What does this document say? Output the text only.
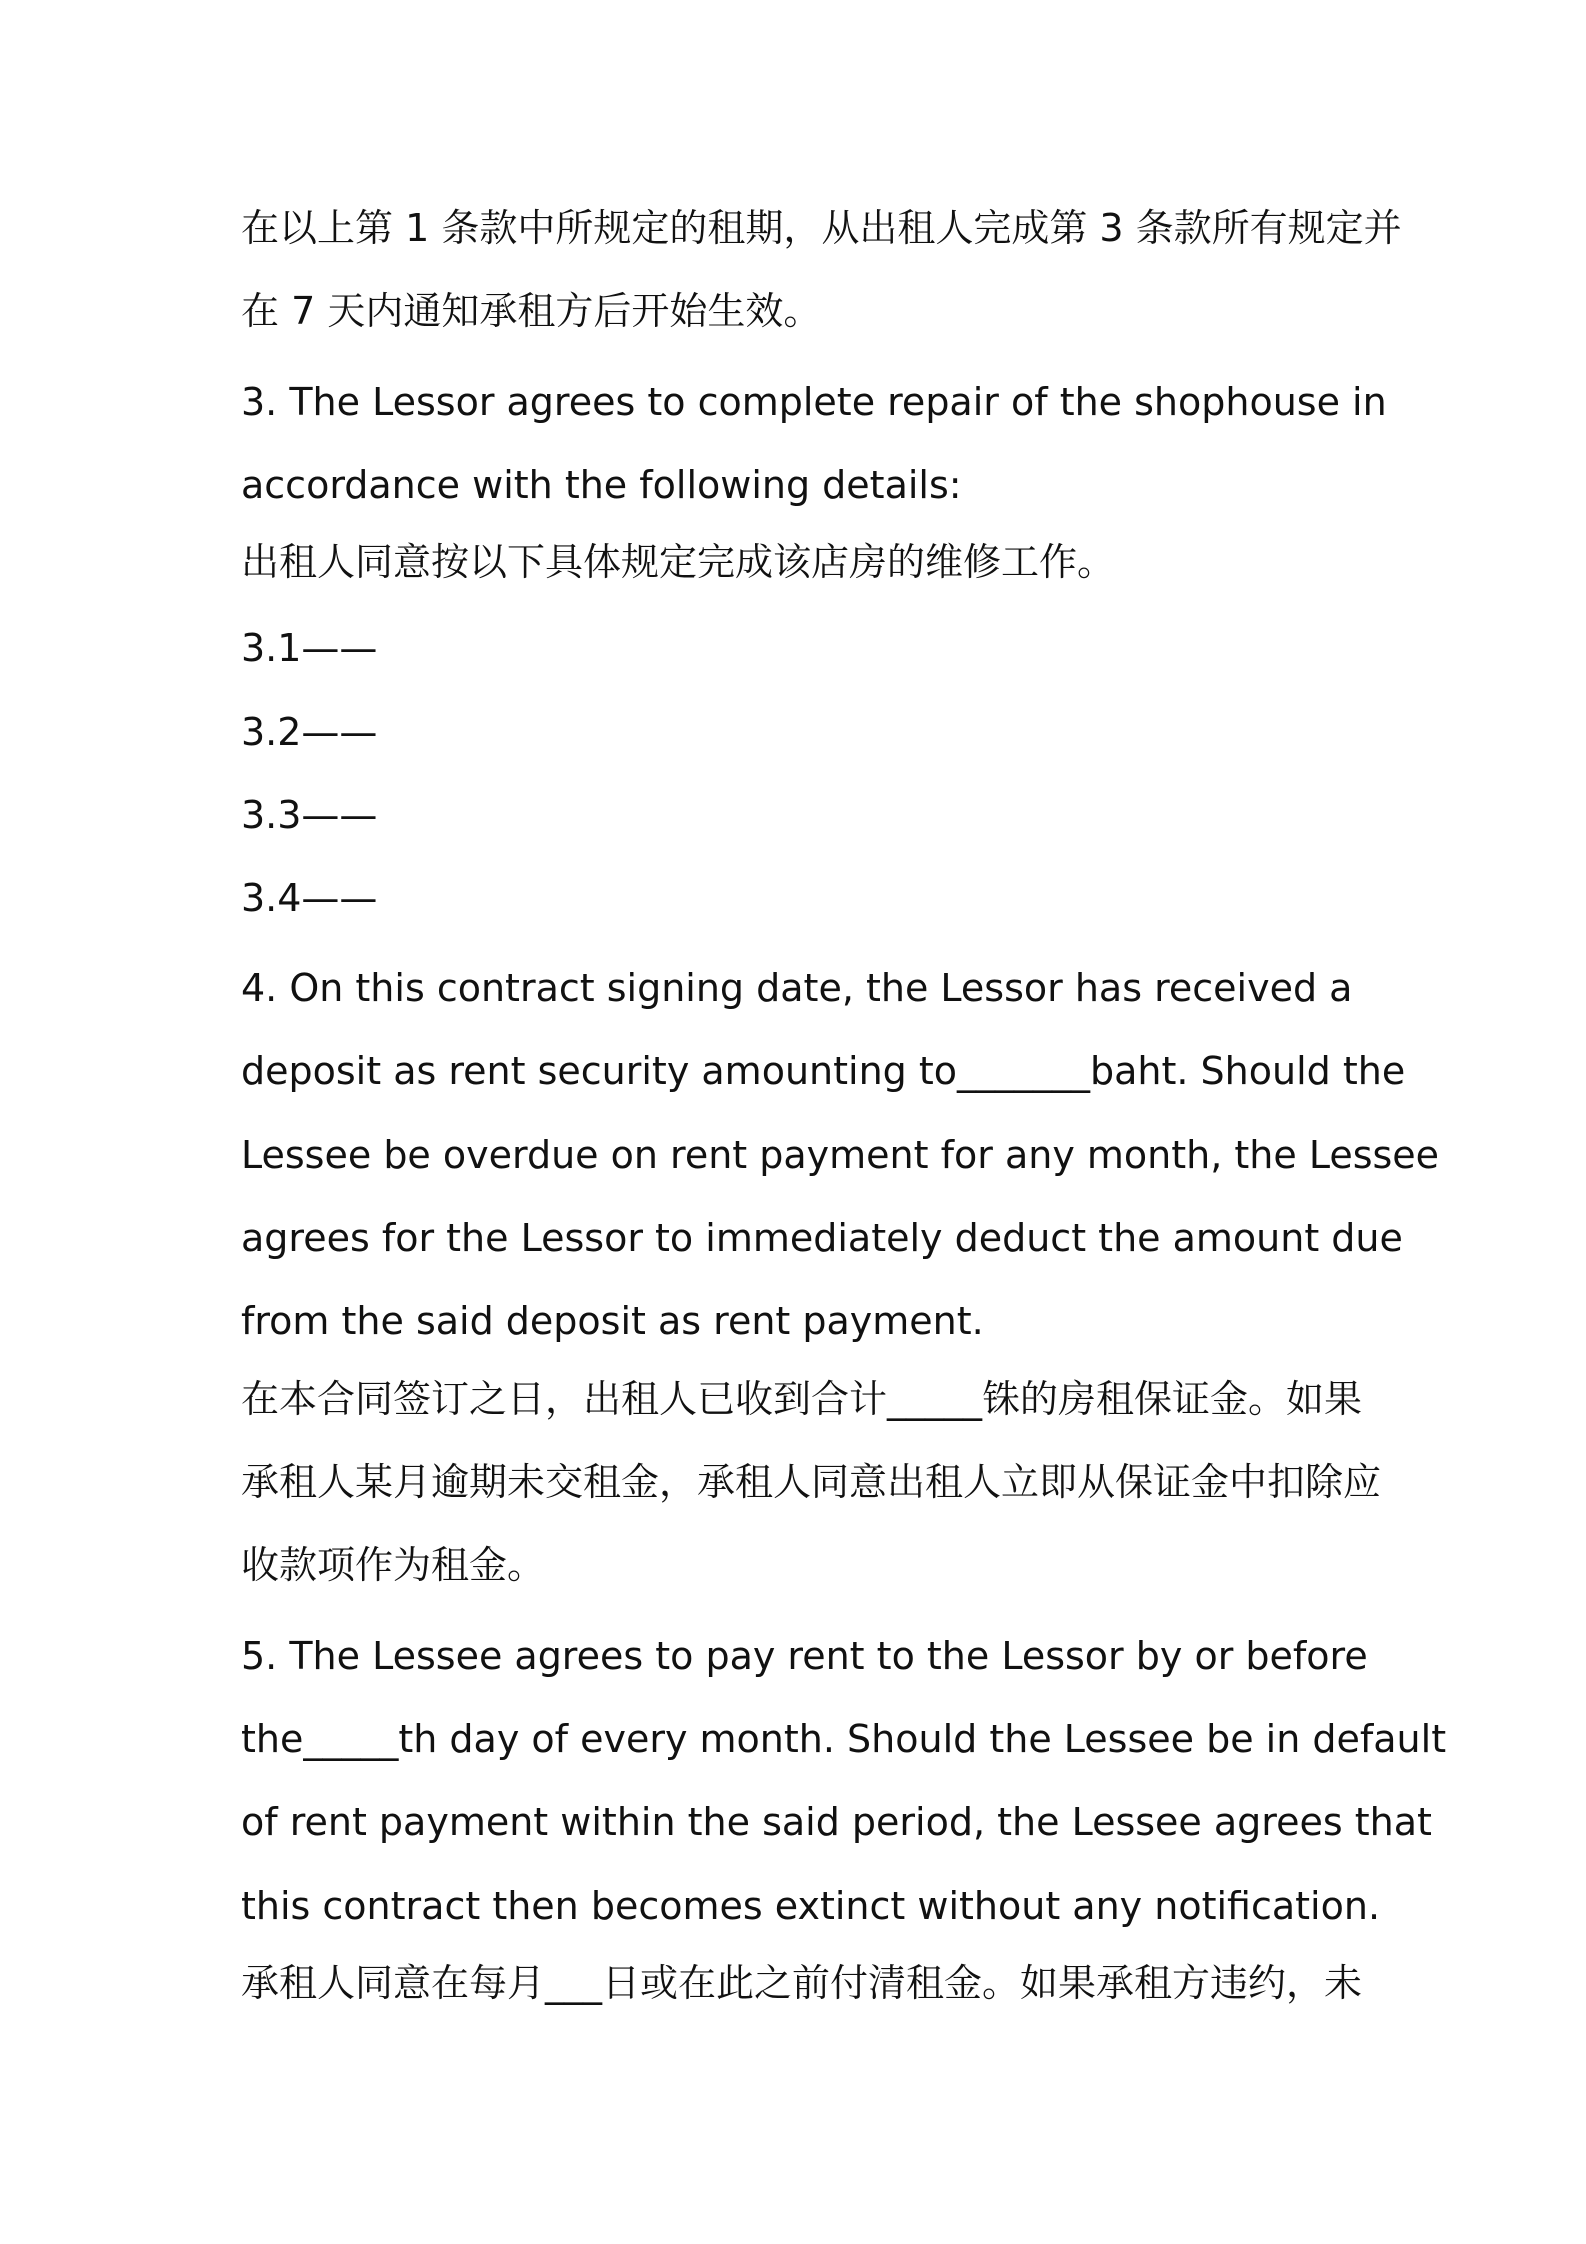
在以上第 1 条款中所规定的租期，从出租人完成第 3 条款所有规定并
在 7 天内通知承租方后开始生效。
3. The Lessor agrees to complete repair of the shophouse in
accordance with the following details:
出租人同意按以下具体规定完成该店房的维修工作。
3.1——
3.2——
3.3——
3.4——
4. On this contract signing date, the Lessor has received a
deposit as rent security amounting to_______baht. Should the
Lessee be overdue on rent payment for any month, the Lessee
agrees for the Lessor to immediately deduct the amount due
from the said deposit as rent payment.
在本合同签订之日，出租人已收到合计_____铢的房租保证金。如果
承租人某月逾期未交租金，承租人同意出租人立即从保证金中扣除应
收款项作为租金。
5. The Lessee agrees to pay rent to the Lessor by or before
the_____th day of every month. Should the Lessee be in default
of rent payment within the said period, the Lessee agrees that
this contract then becomes extinct without any notification.
承租人同意在每月___日或在此之前付清租金。如果承租方违约，未
